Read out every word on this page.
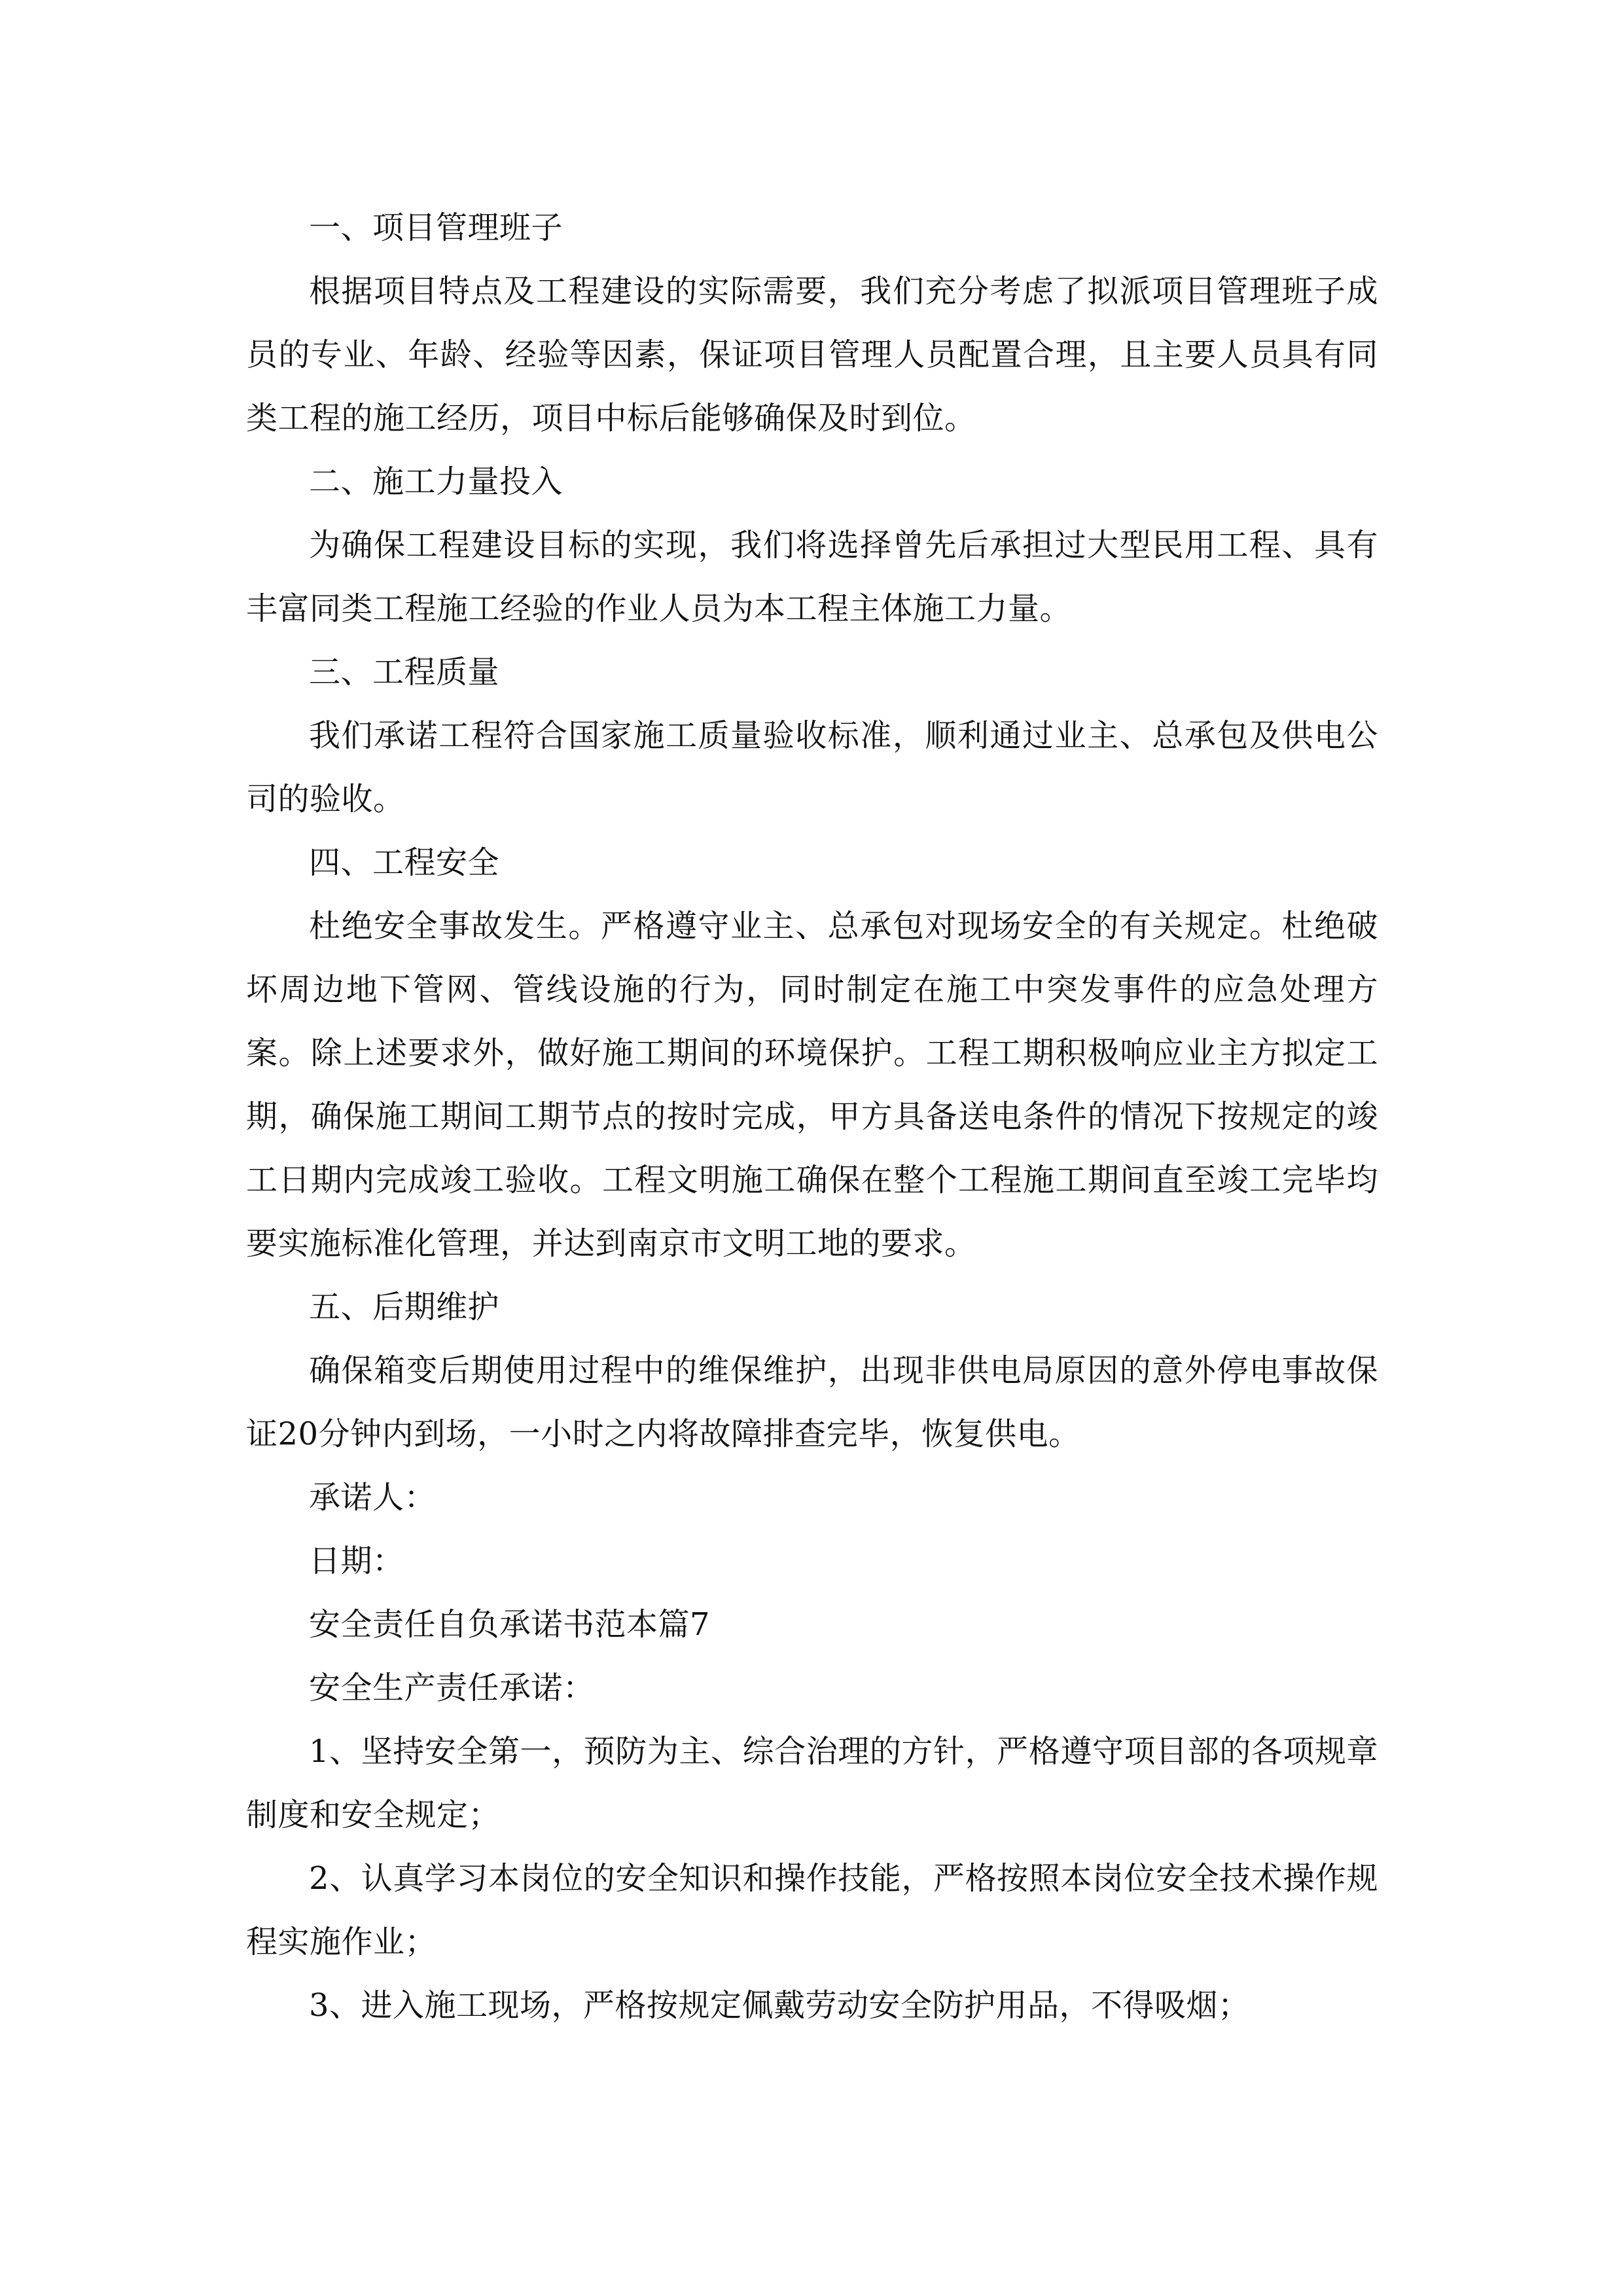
一、项目管理班子

根据项目特点及工程建设的实际需要，我们充分考虑了拟派项目管理班子成员的专业、年龄、经验等因素，保证项目管理人员配置合理，且主要人员具有同类工程的施工经历，项目中标后能够确保及时到位。

二、施工力量投入

为确保工程建设目标的实现，我们将选择曾先后承担过大型民用工程、具有丰富同类工程施工经验的作业人员为本工程主体施工力量。

三、工程质量

我们承诺工程符合国家施工质量验收标准，顺利通过业主、总承包及供电公司的验收。

四、工程安全

杜绝安全事故发生。严格遵守业主、总承包对现场安全的有关规定。杜绝破坏周边地下管网、管线设施的行为，同时制定在施工中突发事件的应急处理方案。除上述要求外，做好施工期间的环境保护。工程工期积极响应业主方拟定工期，确保施工期间工期节点的按时完成，甲方具备送电条件的情况下按规定的竣工日期内完成竣工验收。工程文明施工确保在整个工程施工期间直至竣工完毕均要实施标准化管理，并达到南京市文明工地的要求。

五、后期维护

确保箱变后期使用过程中的维保维护，出现非供电局原因的意外停电事故保证20分钟内到场，一小时之内将故障排查完毕，恢复供电。

承诺人：

日期：

安全责任自负承诺书范本篇7

安全生产责任承诺：

1、坚持安全第一，预防为主、综合治理的方针，严格遵守项目部的各项规章制度和安全规定；

2、认真学习本岗位的安全知识和操作技能，严格按照本岗位安全技术操作规程实施作业；

3、进入施工现场，严格按规定佩戴劳动安全防护用品，不得吸烟；
